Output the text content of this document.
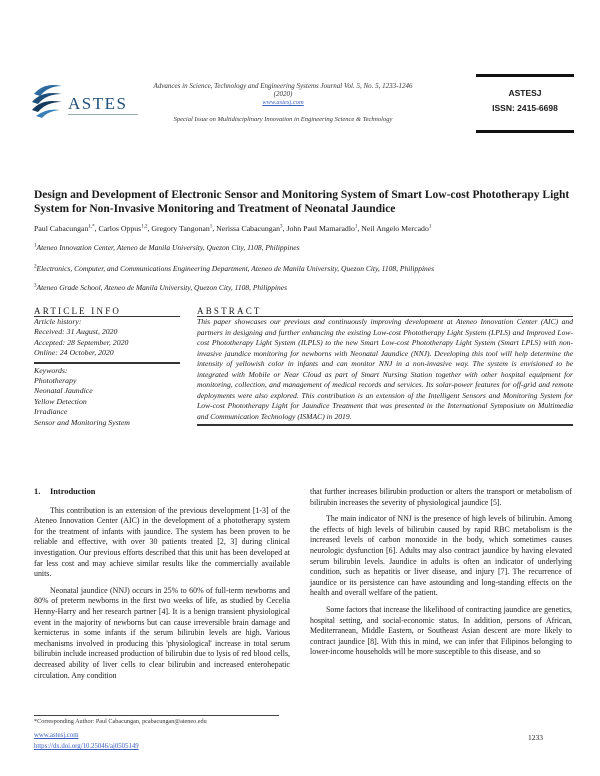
ASTES
Advances in Science, Technology and Engineering Systems Journal Vol. 5, No. 5, 1233-1246 (2020)
www.astesj.com
Special Issue on Multidisciplinary Innovation in Engineering Science & Technology
ASTESJ
ISSN: 2415-6698
Design and Development of Electronic Sensor and Monitoring System of Smart Low-cost Phototherapy Light System for Non-Invasive Monitoring and Treatment of Neonatal Jaundice
Paul Cabacungan$^{1,*}$, Carlos Oppus$^{1,2}$, Gregory Tangonan$^1$, Nerissa Cabacungan$^3$, John Paul Mamaradlo$^1$, Neil Angelo Mercado$^1$
$^1$Ateneo Innovation Center, Ateneo de Manila University, Quezon City, 1108, Philippines
$^2$Electronics, Computer, and Communications Engineering Department, Ateneo de Manila University, Quezon City, 1108, Philippines
$^3$Ateneo Grade School, Ateneo de Manila University, Quezon City, 1108, Philippines
ARTICLE INFO
Article history:
Received: 31 August, 2020
Accepted: 28 September, 2020
Online: 24 October, 2020
Keywords:
Phototherapy
Neonatal Jaundice
Yellow Detection
Irradiance
Sensor and Monitoring System
ABSTRACT
This paper showcases our previous and continuously improving development at Ateneo Innovation Center (AIC) and partners in designing and further enhancing the existing Low-cost Phototherapy Light System (LPLS) and Improved Low-cost Phototherapy Light System (ILPLS) to the new Smart Low-cost Phototherapy Light System (Smart LPLS) with non-invasive jaundice monitoring for newborns with Neonatal Jaundice (NNJ). Developing this tool will help determine the intensity of yellowish color in infants and can monitor NNJ in a non-invasive way. The system is envisioned to be integrated with Mobile or Near Cloud as part of Smart Nursing Station together with other hospital equipment for monitoring, collection, and management of medical records and services. Its solar-power features for off-grid and remote deployments were also explored. This contribution is an extension of the Intelligent Sensors and Monitoring System for Low-cost Phototherapy Light for Jaundice Treatment that was presented in the International Symposium on Multimedia and Communication Technology (ISMAC) in 2019.
1. Introduction

This contribution is an extension of the previous development [1-3] of the Ateneo Innovation Center (AIC) in the development of a phototherapy system for the treatment of infants with jaundice. The system has been proven to be reliable and effective, with over 30 patients treated [2, 3] during clinical investigation. Our previous efforts described that this unit has been developed at far less cost and may achieve similar results like the commercially available units.

Neonatal jaundice (NNJ) occurs in 25% to 60% of full-term newborns and 80% of preterm newborns in the first two weeks of life, as studied by Cecelia Henny-Harry and her research partner [4]. It is a benign transient physiological event in the majority of newborns but can cause irreversible brain damage and kernicterus in some infants if the serum bilirubin levels are high. Various mechanisms involved in producing this 'physiological' increase in total serum bilirubin include increased production of bilirubin due to lysis of red blood cells, decreased ability of liver cells to clear bilirubin and increased enterohepatic circulation. Any condition

that further increases bilirubin production or alters the transport or metabolism of bilirubin increases the severity of physiological jaundice [5].

The main indicator of NNJ is the presence of high levels of bilirubin. Among the effects of high levels of bilirubin caused by rapid RBC metabolism is the increased levels of carbon monoxide in the body, which sometimes causes neurologic dysfunction [6]. Adults may also contract jaundice by having elevated serum bilirubin levels. Jaundice in adults is often an indicator of underlying condition, such as hepatitis or liver disease, and injury [7]. The recurrence of jaundice or its persistence can have astounding and long-standing effects on the health and overall welfare of the patient.

Some factors that increase the likelihood of contracting jaundice are genetics, hospital setting, and social-economic status. In addition, persons of African, Mediterranean, Middle Eastern, or Southeast Asian descent are more likely to contract jaundice [8]. With this in mind, we can infer that Filipinos belonging to lower-income households will be more susceptible to this disease, and so

*Corresponding Author: Paul Cabacungan, pcabacungan@ateneo.edu
www.astesj.com
https://dx.doi.org/10.25046/aj0505149
1233
